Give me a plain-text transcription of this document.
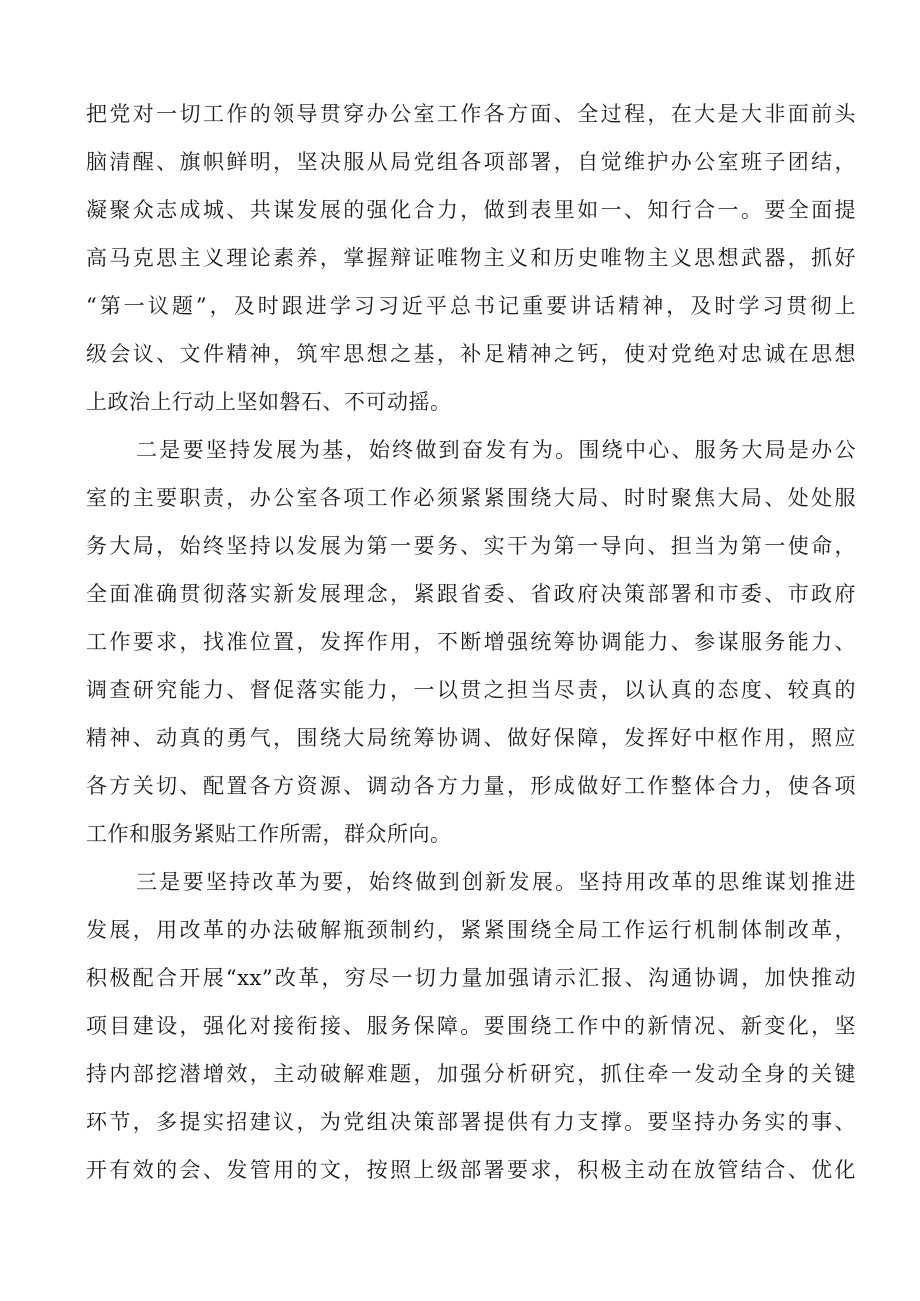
把党对一切工作的领导贯穿办公室工作各方面、全过程，在大是大非面前头
脑清醒、旗帜鲜明，坚决服从局党组各项部署，自觉维护办公室班子团结，
凝聚众志成城、共谋发展的强化合力，做到表里如一、知行合一。要全面提
高马克思主义理论素养，掌握辩证唯物主义和历史唯物主义思想武器，抓好
“第一议题”，及时跟进学习习近平总书记重要讲话精神，及时学习贯彻上
级会议、文件精神，筑牢思想之基，补足精神之钙，使对党绝对忠诚在思想
上政治上行动上坚如磐石、不可动摇。
二是要坚持发展为基，始终做到奋发有为。围绕中心、服务大局是办公
室的主要职责，办公室各项工作必须紧紧围绕大局、时时聚焦大局、处处服
务大局，始终坚持以发展为第一要务、实干为第一导向、担当为第一使命，
全面准确贯彻落实新发展理念，紧跟省委、省政府决策部署和市委、市政府
工作要求，找准位置，发挥作用，不断增强统筹协调能力、参谋服务能力、
调查研究能力、督促落实能力，一以贯之担当尽责，以认真的态度、较真的
精神、动真的勇气，围绕大局统筹协调、做好保障，发挥好中枢作用，照应
各方关切、配置各方资源、调动各方力量，形成做好工作整体合力，使各项
工作和服务紧贴工作所需，群众所向。
三是要坚持改革为要，始终做到创新发展。坚持用改革的思维谋划推进
发展，用改革的办法破解瓶颈制约，紧紧围绕全局工作运行机制体制改革，
积极配合开展“xx”改革，穷尽一切力量加强请示汇报、沟通协调，加快推动
项目建设，强化对接衔接、服务保障。要围绕工作中的新情况、新变化，坚
持内部挖潜增效，主动破解难题，加强分析研究，抓住牵一发动全身的关键
环节，多提实招建议，为党组决策部署提供有力支撑。要坚持办务实的事、
开有效的会、发管用的文，按照上级部署要求，积极主动在放管结合、优化
